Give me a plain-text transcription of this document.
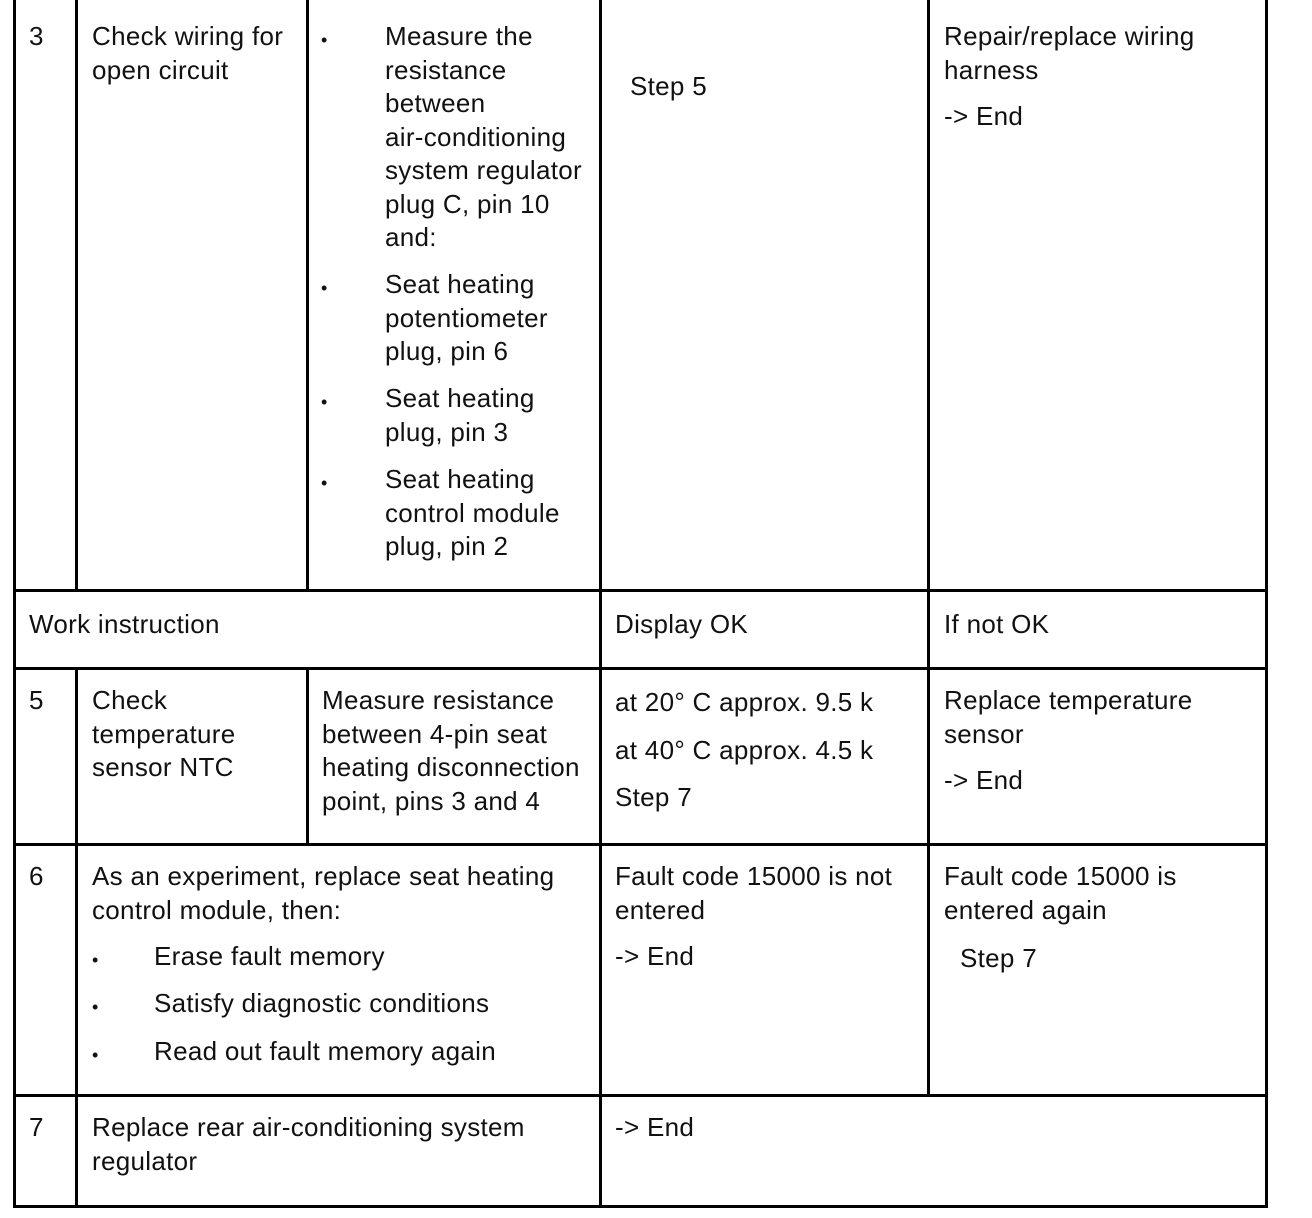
3 Check wiring for
open circuit
• Measure the
resistance
between
air-conditioning
system regulator
plug C, pin 10
and:
• Seat heating
potentiometer
plug, pin 6
• Seat heating
plug, pin 3
• Seat heating
control module
plug, pin 2
Step 5
Repair/replace wiring
harness
-> End
Work instruction	Display OK	If not OK
5 Check
temperature
sensor NTC
Measure resistance
between 4-pin seat
heating disconnection
point, pins 3 and 4
at 20° C approx. 9.5 k
at 40° C approx. 4.5 k
Step 7
Replace temperature
sensor
-> End
6 As an experiment, replace seat heating
control module, then:
• Erase fault memory
• Satisfy diagnostic conditions
• Read out fault memory again
Fault code 15000 is not
entered
-> End
Fault code 15000 is
entered again
Step 7
7 Replace rear air-conditioning system
regulator
-> End
